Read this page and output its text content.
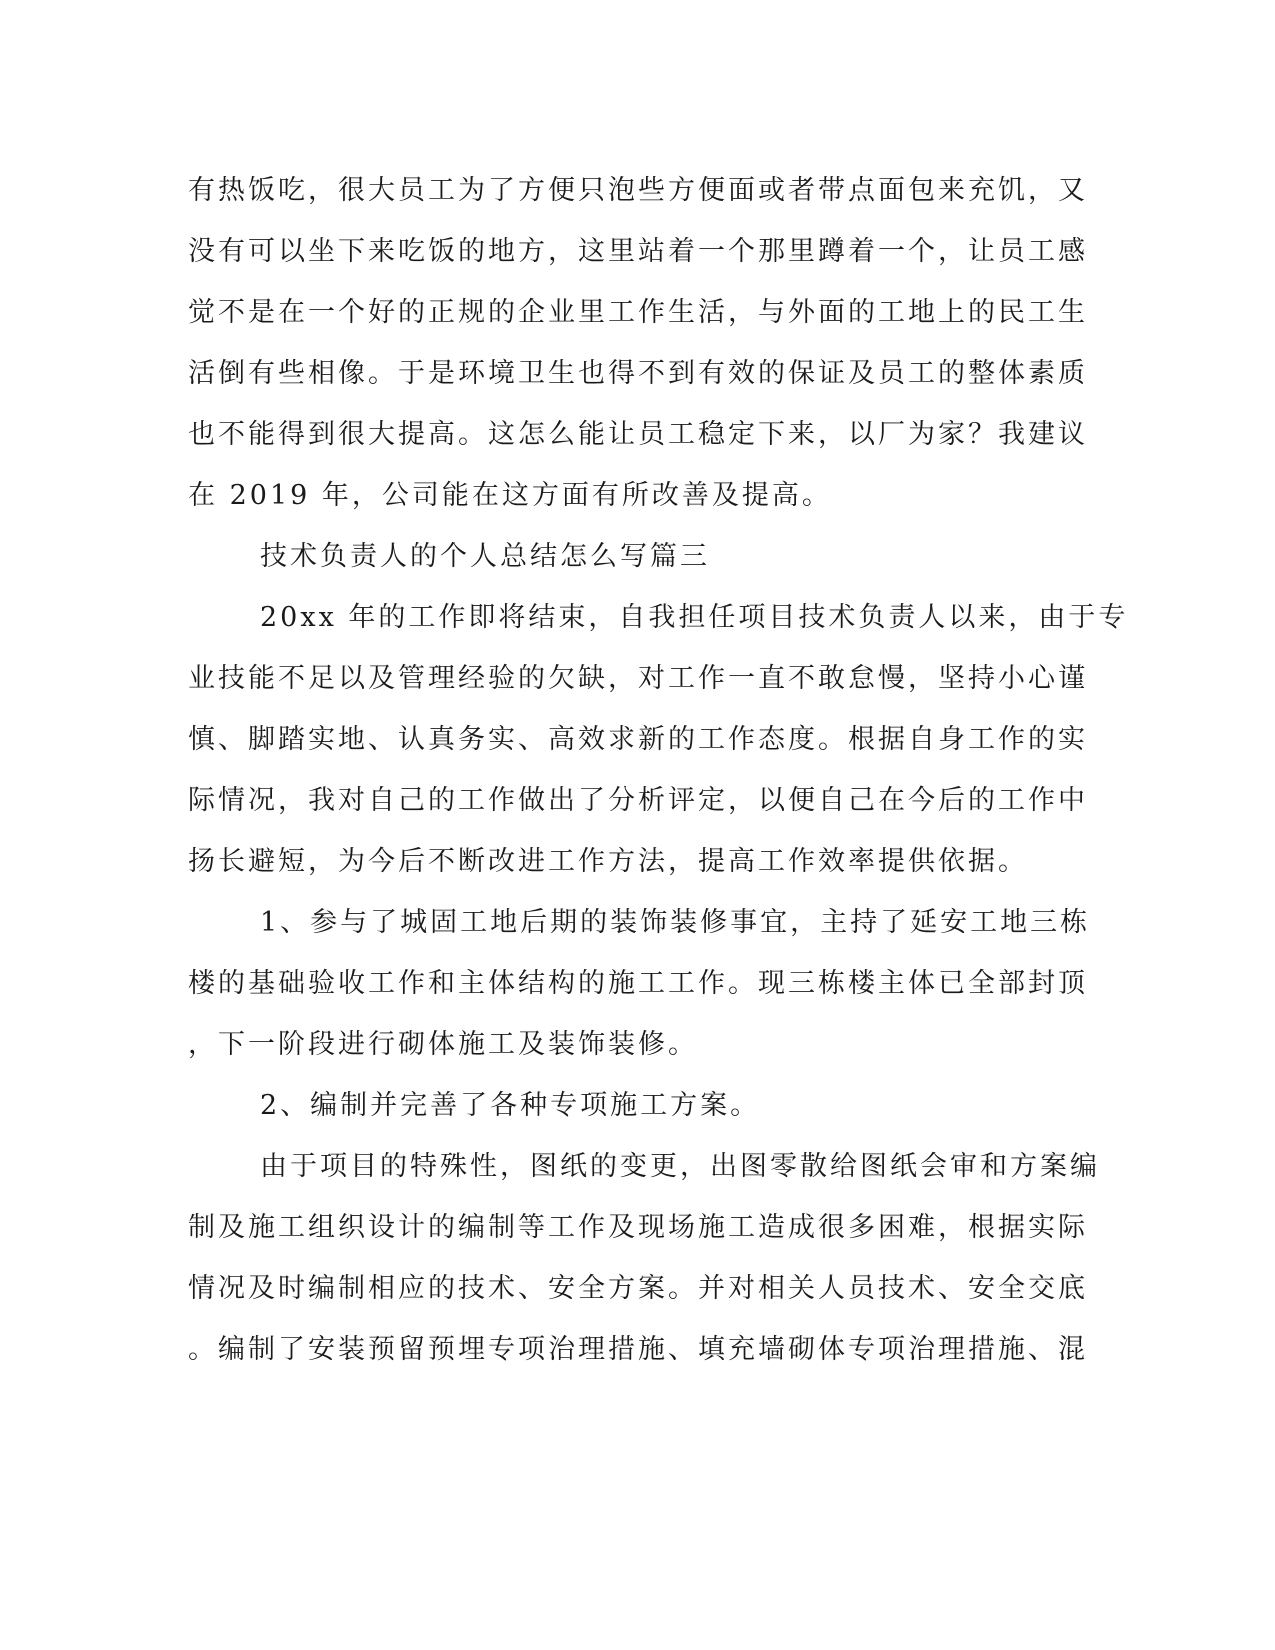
有热饭吃，很大员工为了方便只泡些方便面或者带点面包来充饥，又
没有可以坐下来吃饭的地方，这里站着一个那里蹲着一个，让员工感
觉不是在一个好的正规的企业里工作生活，与外面的工地上的民工生
活倒有些相像。于是环境卫生也得不到有效的保证及员工的整体素质
也不能得到很大提高。这怎么能让员工稳定下来，以厂为家？我建议
在 2019 年，公司能在这方面有所改善及提高。
技术负责人的个人总结怎么写篇三
20xx 年的工作即将结束，自我担任项目技术负责人以来，由于专
业技能不足以及管理经验的欠缺，对工作一直不敢怠慢，坚持小心谨
慎、脚踏实地、认真务实、高效求新的工作态度。根据自身工作的实
际情况，我对自己的工作做出了分析评定，以便自己在今后的工作中
扬长避短，为今后不断改进工作方法，提高工作效率提供依据。
1、参与了城固工地后期的装饰装修事宜，主持了延安工地三栋
楼的基础验收工作和主体结构的施工工作。现三栋楼主体已全部封顶
，下一阶段进行砌体施工及装饰装修。
2、编制并完善了各种专项施工方案。
由于项目的特殊性，图纸的变更，出图零散给图纸会审和方案编
制及施工组织设计的编制等工作及现场施工造成很多困难，根据实际
情况及时编制相应的技术、安全方案。并对相关人员技术、安全交底
。编制了安装预留预埋专项治理措施、填充墙砌体专项治理措施、混
